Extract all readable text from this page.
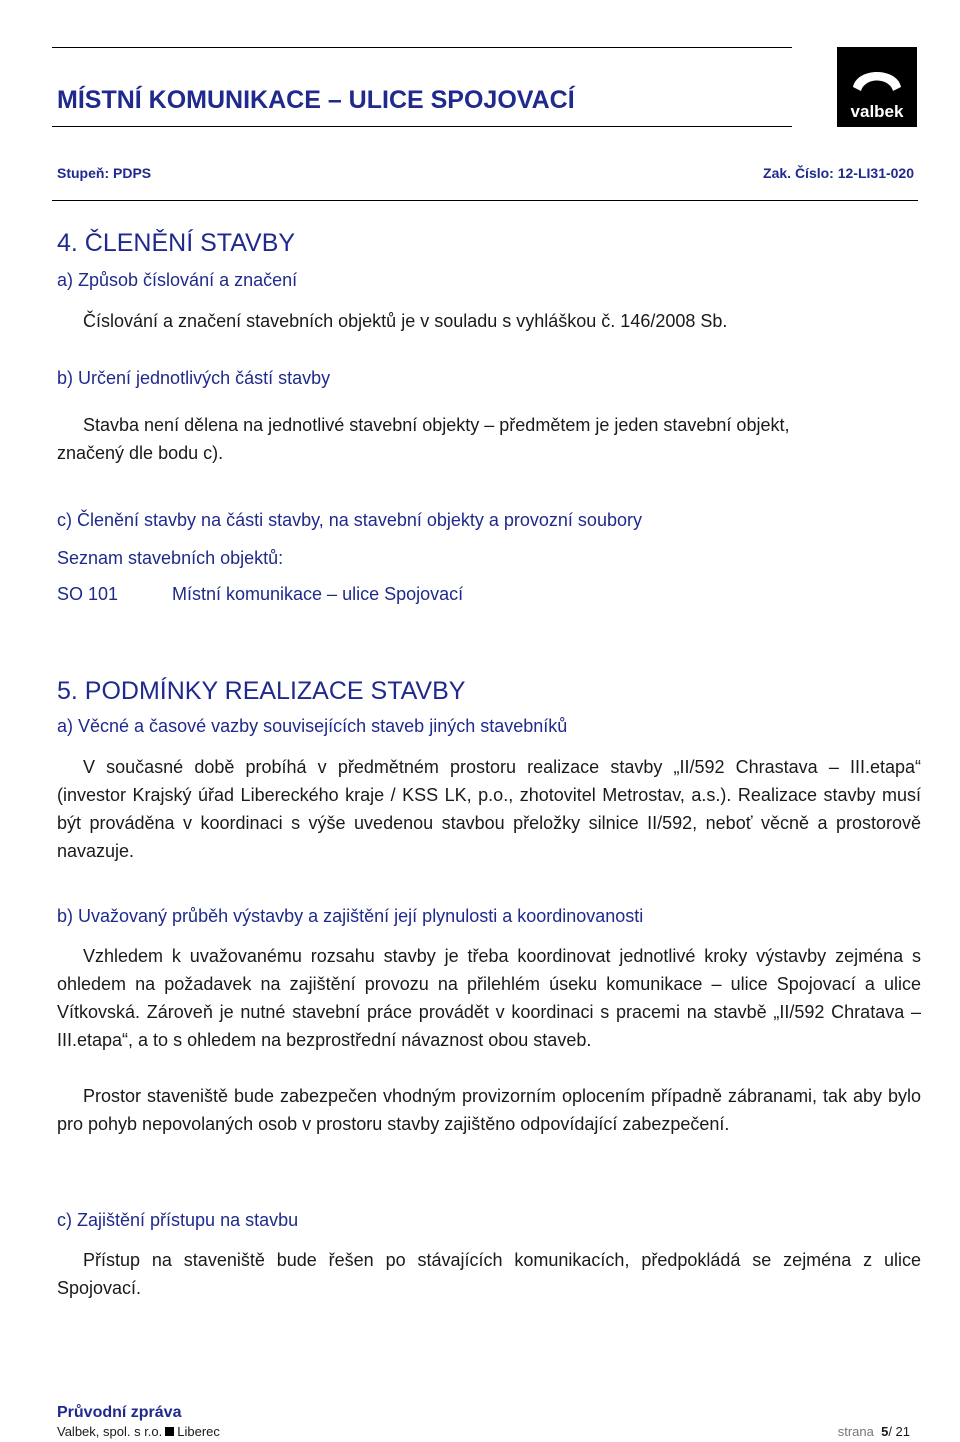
MÍSTNÍ KOMUNIKACE – ULICE SPOJOVACÍ
Stupeň: PDPS	Zak. Číslo: 12-LI31-020
valbek
4. ČLENĚNÍ STAVBY
a) Způsob číslování a značení
Číslování a značení stavebních objektů je v souladu s vyhláškou č. 146/2008 Sb.
b) Určení jednotlivých částí stavby
Stavba není dělena na jednotlivé stavební objekty – předmětem je jeden stavební objekt,
značený dle bodu c).
c) Členění stavby na části stavby, na stavební objekty a provozní soubory
Seznam stavebních objektů:
SO 101	Místní komunikace – ulice Spojovací
5. PODMÍNKY REALIZACE STAVBY
a) Věcné a časové vazby souvisejících staveb jiných stavebníků
V současné době probíhá v předmětném prostoru realizace stavby „II/592 Chrastava – III.etapa“ (investor Krajský úřad Libereckého kraje / KSS LK, p.o., zhotovitel Metrostav, a.s.). Realizace stavby musí být prováděna v koordinaci s výše uvedenou stavbou přeložky silnice II/592, neboť věcně a prostorově navazuje.
b) Uvažovaný průběh výstavby a zajištění její plynulosti a koordinovanosti
Vzhledem k uvažovanému rozsahu stavby je třeba koordinovat jednotlivé kroky výstavby zejména s ohledem na požadavek na zajištění provozu na přilehlém úseku komunikace – ulice Spojovací a ulice Vítkovská. Zároveň je nutné stavební práce provádět v koordinaci s pracemi na stavbě „II/592 Chratava – III.etapa“, a to s ohledem na bezprostřední návaznost obou staveb.
Prostor staveniště bude zabezpečen vhodným provizorním oplocením případně zábranami, tak aby bylo pro pohyb nepovolaných osob v prostoru stavby zajištěno odpovídající zabezpečení.
c) Zajištění přístupu na stavbu
Přístup na staveniště bude řešen po stávajících komunikacích, předpokládá se zejména z ulice Spojovací.
Průvodní zpráva
Valbek, spol. s r.o. Liberec	strana 5/ 21
